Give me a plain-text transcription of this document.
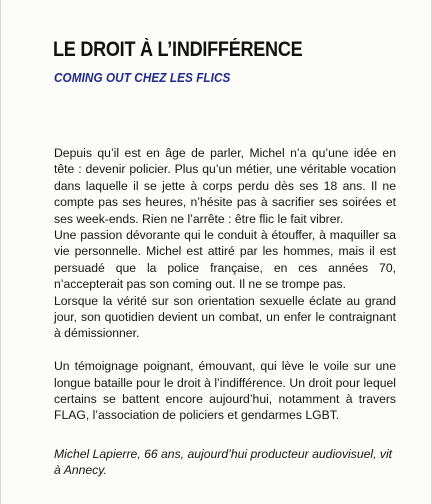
LE DROIT À L’INDIFFÉRENCE
COMING OUT CHEZ LES FLICS

Depuis qu’il est en âge de parler, Michel n’a qu’une idée en tête : devenir policier. Plus qu’un métier, une véritable vocation dans laquelle il se jette à corps perdu dès ses 18 ans. Il ne compte pas ses heures, n’hésite pas à sacrifier ses soirées et ses week-ends. Rien ne l’arrête : être flic le fait vibrer.

Une passion dévorante qui le conduit à étouffer, à maquiller sa vie personnelle. Michel est attiré par les hommes, mais il est persuadé que la police française, en ces années 70, n’accepterait pas son coming out. Il ne se trompe pas.

Lorsque la vérité sur son orientation sexuelle éclate au grand jour, son quotidien devient un combat, un enfer le contraignant à démissionner.

Un témoignage poignant, émouvant, qui lève le voile sur une longue bataille pour le droit à l’indifférence. Un droit pour lequel certains se battent encore aujourd’hui, notamment à travers FLAG, l’association de policiers et gendarmes LGBT.

Michel Lapierre, 66 ans, aujourd’hui producteur audiovisuel, vit à Annecy.
